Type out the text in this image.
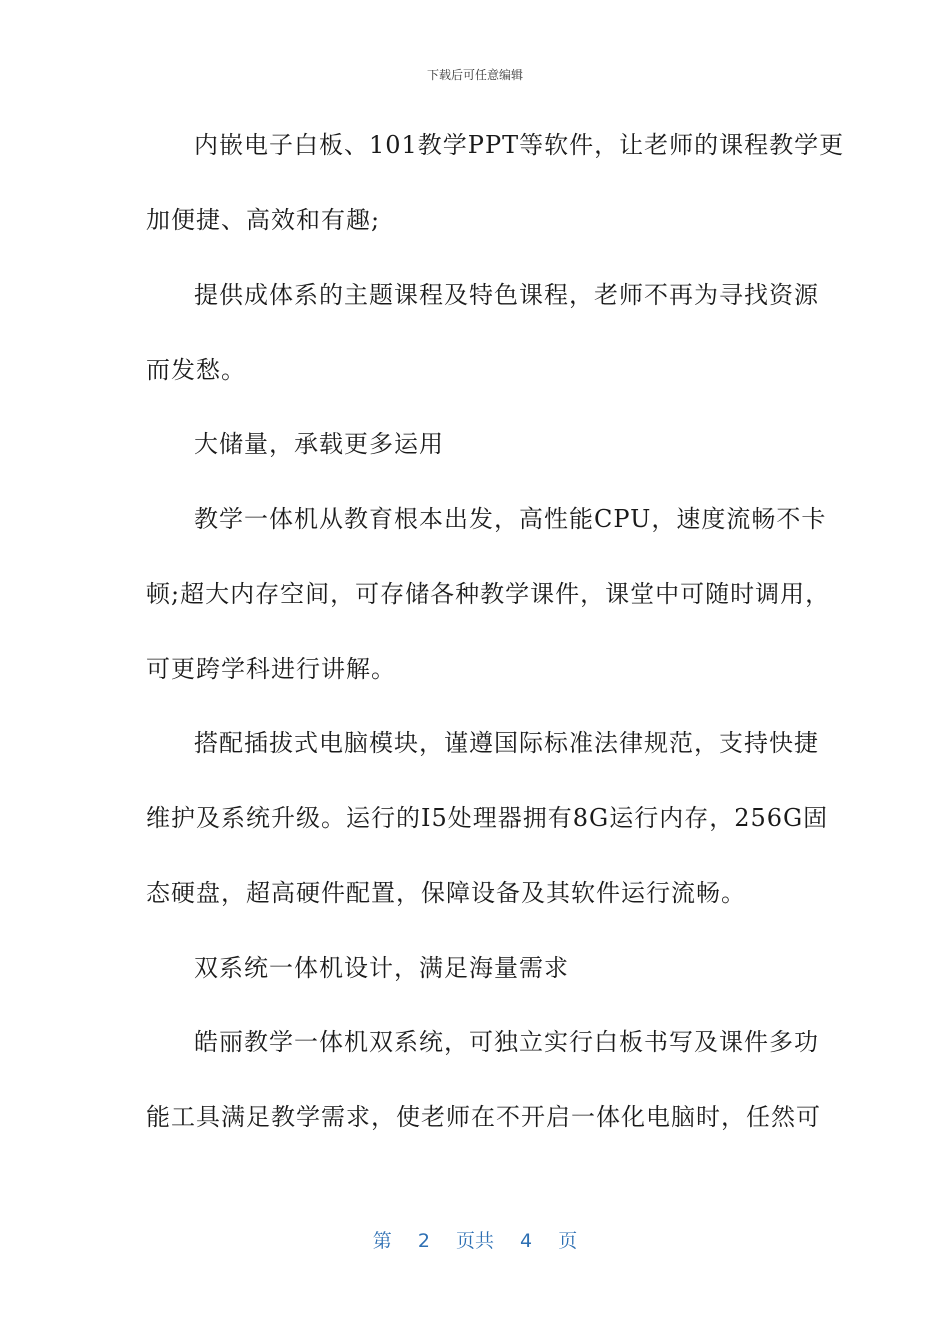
下载后可任意编辑
内嵌电子白板、101教学PPT等软件，让老师的课程教学更
加便捷、高效和有趣;
提供成体系的主题课程及特色课程，老师不再为寻找资源
而发愁。
大储量，承载更多运用
教学一体机从教育根本出发，高性能CPU，速度流畅不卡
顿;超大内存空间，可存储各种教学课件，课堂中可随时调用，
可更跨学科进行讲解。
搭配插拔式电脑模块，谨遵国际标准法律规范，支持快捷
维护及系统升级。运行的I5处理器拥有8G运行内存，256G固
态硬盘，超高硬件配置，保障设备及其软件运行流畅。
双系统一体机设计，满足海量需求
皓丽教学一体机双系统，可独立实行白板书写及课件多功
能工具满足教学需求，使老师在不开启一体化电脑时，任然可
第 2 页共 4 页
